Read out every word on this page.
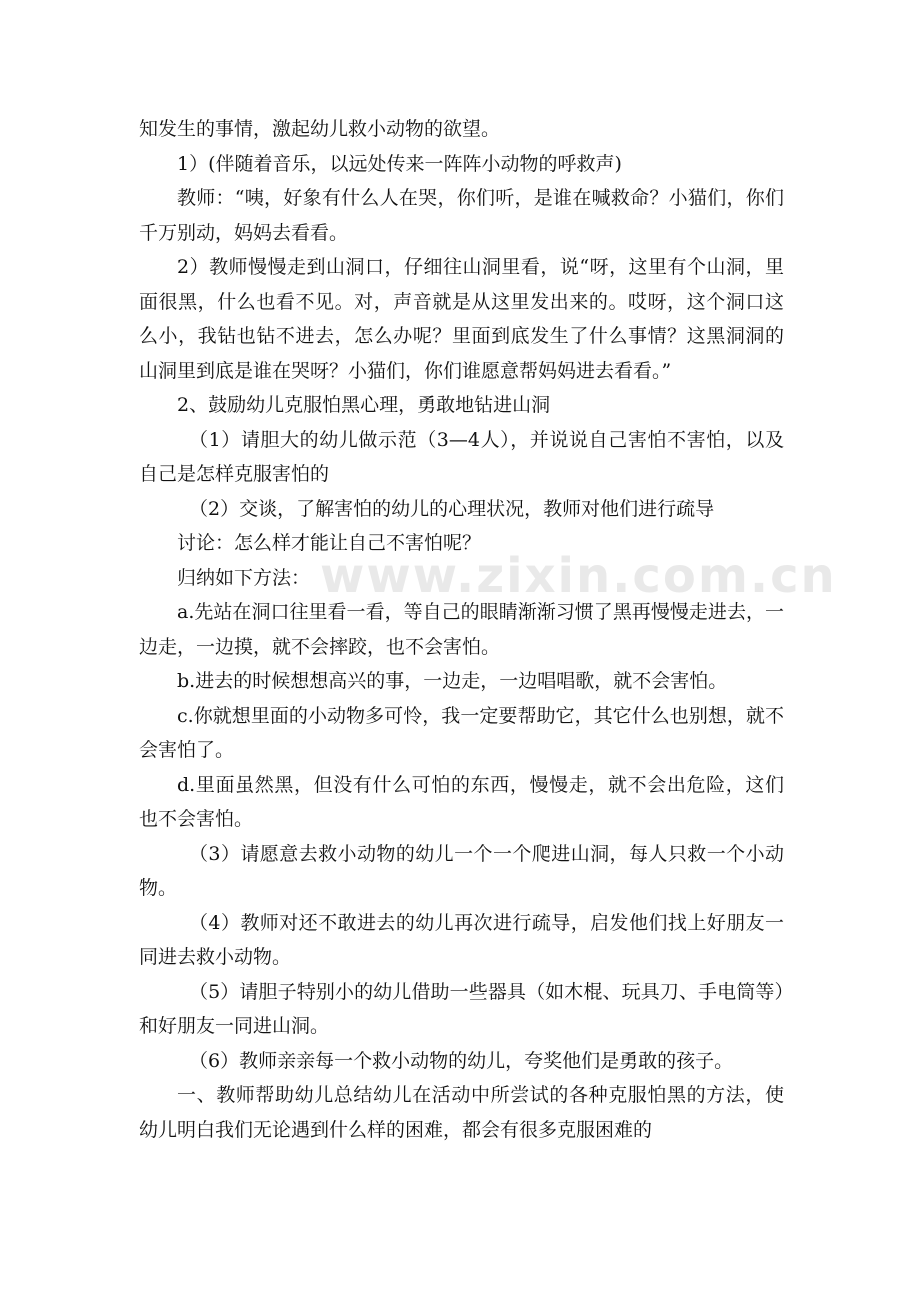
www.zixin.com.cn

知发生的事情，激起幼儿救小动物的欲望。

1）(伴随着音乐，以远处传来一阵阵小动物的呼救声)

教师：“咦，好象有什么人在哭，你们听，是谁在喊救命？小猫们，你们千万别动，妈妈去看看。

2）教师慢慢走到山洞口，仔细往山洞里看，说“呀，这里有个山洞，里面很黑，什么也看不见。对，声音就是从这里发出来的。哎呀，这个洞口这么小，我钻也钻不进去，怎么办呢？里面到底发生了什么事情？这黑洞洞的山洞里到底是谁在哭呀？小猫们，你们谁愿意帮妈妈进去看看。”

2、鼓励幼儿克服怕黑心理，勇敢地钻进山洞

（1）请胆大的幼儿做示范（3—4人），并说说自己害怕不害怕，以及自己是怎样克服害怕的

（2）交谈，了解害怕的幼儿的心理状况，教师对他们进行疏导

讨论：怎么样才能让自己不害怕呢？

归纳如下方法：

a.先站在洞口往里看一看，等自己的眼睛渐渐习惯了黑再慢慢走进去，一边走，一边摸，就不会摔跤，也不会害怕。

b.进去的时候想想高兴的事，一边走，一边唱唱歌，就不会害怕。

c.你就想里面的小动物多可怜，我一定要帮助它，其它什么也别想，就不会害怕了。

d.里面虽然黑，但没有什么可怕的东西，慢慢走，就不会出危险，这们也不会害怕。

（3）请愿意去救小动物的幼儿一个一个爬进山洞，每人只救一个小动物。

（4）教师对还不敢进去的幼儿再次进行疏导，启发他们找上好朋友一同进去救小动物。

（5）请胆子特别小的幼儿借助一些器具（如木棍、玩具刀、手电筒等）和好朋友一同进山洞。

（6）教师亲亲每一个救小动物的幼儿，夸奖他们是勇敢的孩子。

一、教师帮助幼儿总结幼儿在活动中所尝试的各种克服怕黑的方法，使幼儿明白我们无论遇到什么样的困难，都会有很多克服困难的
